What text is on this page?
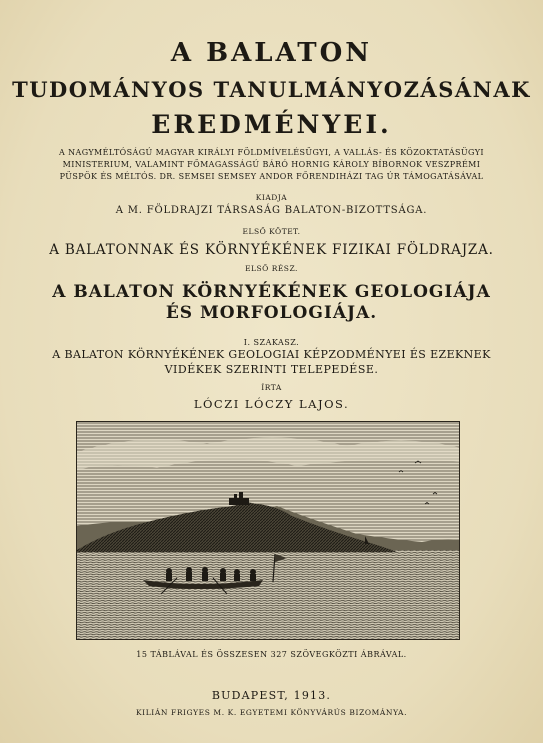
A BALATON
TUDOMÁNYOS TANULMÁNYOZÁSÁNAK
EREDMÉNYEI.
A NAGYMÉLTÓSÁGÚ MAGYAR KIRÁLYI FÖLDMÍVELÉSÜGYI, A VALLÁS- ÉS KÖZOKTATÁSÜGYI
MINISTERIUM, VALAMINT FŐMAGASSÁGÚ BÁRÓ HORNIG KÁROLY BÍBORNOK VESZPRÉMI
PÜSPÖK ÉS MÉLTÓS. DR. SEMSEI SEMSEY ANDOR FŐRENDIHÁZI TAG ÚR TÁMOGATÁSÁVAL
KIADJA
A M. FÖLDRAJZI TÁRSASÁG BALATON-BIZOTTSÁGA.
ELSŐ KÖTET.
A BALATONNAK ÉS KÖRNYÉKÉNEK FIZIKAI FÖLDRAJZA.
ELSŐ RÉSZ.
A BALATON KÖRNYÉKÉNEK GEOLOGIÁJA
ÉS MORFOLOGIÁJA.
I. SZAKASZ.
A BALATON KÖRNYÉKÉNEK GEOLOGIAI KÉPZODMÉNYEI ÉS EZEKNEK
VIDÉKEK SZERINTI TELEPEDÉSE.
ÍRTA
LÓCZI LÓCZY LAJOS.
15 TÁBLÁVAL ÉS ÖSSZESEN 327 SZÖVEGKÖZTI ÁBRÁVAL.
BUDAPEST, 1913.
KILIÁN FRIGYES M. K. EGYETEMI KÖNYVÁRÚS BIZOMÁNYA.
